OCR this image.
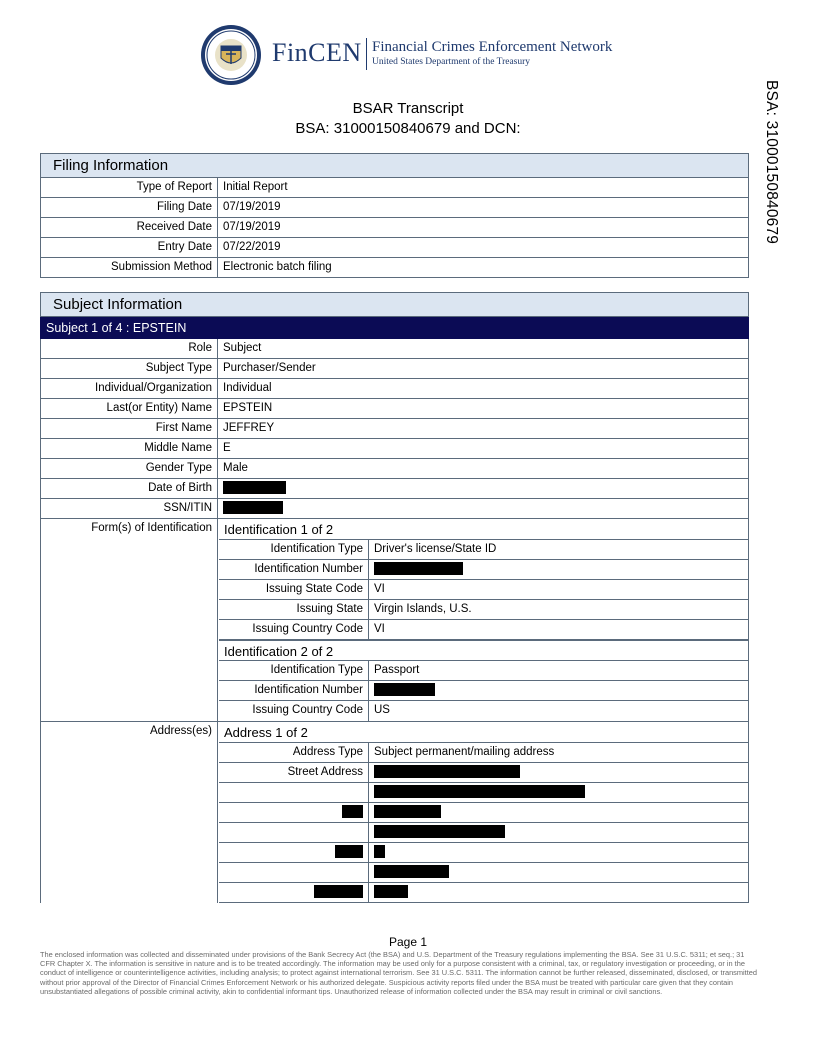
FinCEN Financial Crimes Enforcement Network
United States Department of the Treasury
BSAR Transcript
BSA: 31000150840679 and DCN:	BSA: 31000150840679
Filing Information
Type of Report Initial Report
Filing Date 07/19/2019
Received Date 07/19/2019
Entry Date 07/22/2019
Submission Method Electronic batch filing
Subject Information
Subject 1 of 4 : EPSTEIN
Role Subject
Subject Type Purchaser/Sender
Individual/Organization Individual
Last(or Entity) Name EPSTEIN
First Name JEFFREY
Middle Name E
Gender Type Male
Date of Birth
SSN/ITIN
Form(s) of Identification Identification 1 of 2
Identification Type Driver's license/State ID
Identification Number
Issuing State Code VI
Issuing State Virgin Islands, U.S.
Issuing Country Code VI
Identification 2 of 2
Identification Type Passport
Identification Number
Issuing Country Code US
Address(es) Address 1 of 2
Address Type Subject permanent/mailing address
Street Address
Page 1
The enclosed information was collected and disseminated under provisions of the Bank Secrecy Act (the BSA) and U.S. Department of the Treasury regulations implementing the BSA. See 31 U.S.C. 5311; et seq.; 31 CFR Chapter X. The information is sensitive in nature and is to be treated accordingly. The information may be used only for a purpose consistent with a criminal, tax, or regulatory investigation or proceeding, or in the conduct of intelligence or counterintelligence activities, including analysis; to protect against international terrorism. See 31 U.S.C. 5311. The information cannot be further released, disseminated, disclosed, or transmitted without prior approval of the Director of Financial Crimes Enforcement Network or his authorized delegate. Suspicious activity reports filed under the BSA must be treated with particular care given that they contain unsubstantiated allegations of possible criminal activity, akin to confidential informant tips. Unauthorized release of information collected under the BSA may result in criminal or civil sanctions.
